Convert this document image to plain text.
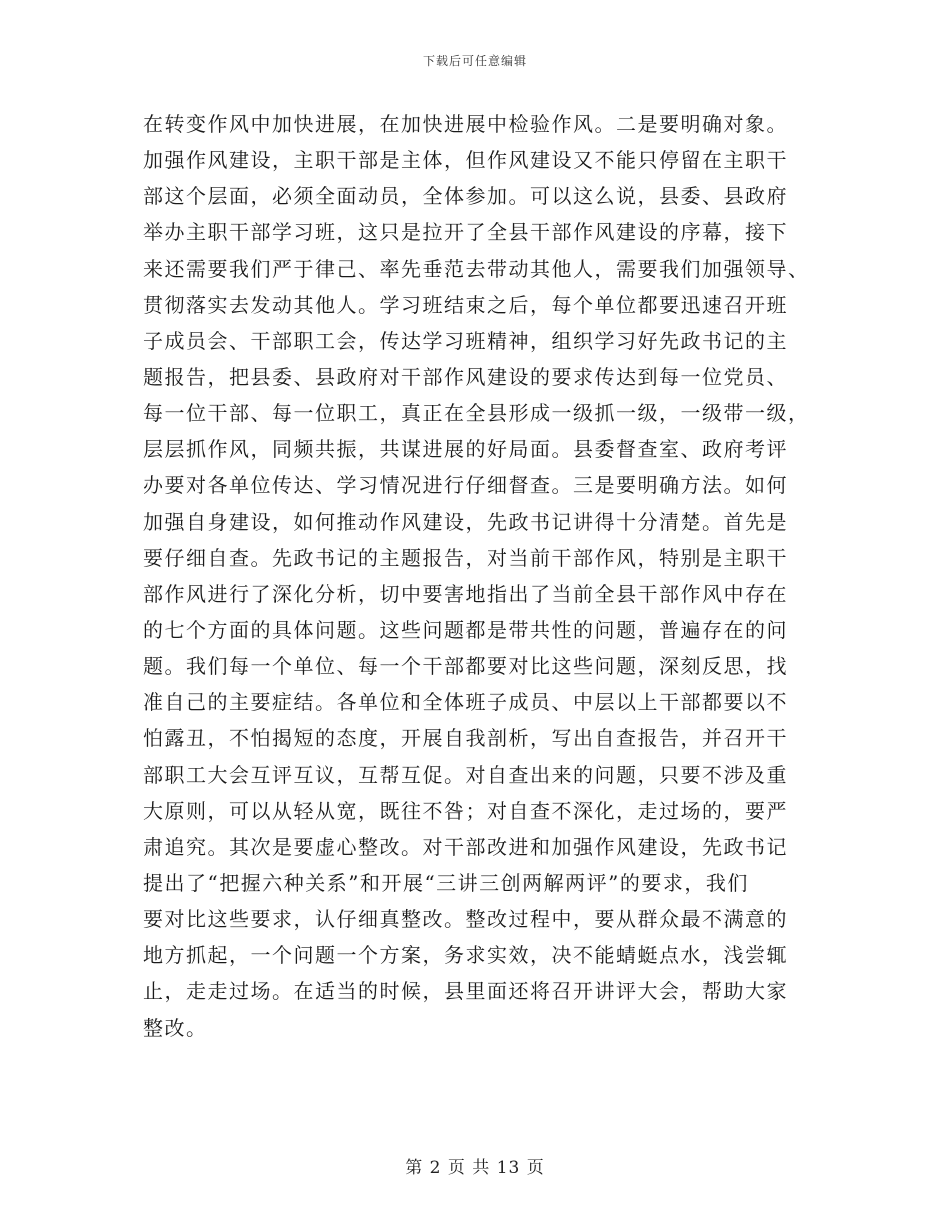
下载后可任意编辑
在转变作风中加快进展，在加快进展中检验作风。二是要明确对象。
加强作风建设，主职干部是主体，但作风建设又不能只停留在主职干
部这个层面，必须全面动员，全体参加。可以这么说，县委、县政府
举办主职干部学习班，这只是拉开了全县干部作风建设的序幕，接下
来还需要我们严于律己、率先垂范去带动其他人，需要我们加强领导、
贯彻落实去发动其他人。学习班结束之后，每个单位都要迅速召开班
子成员会、干部职工会，传达学习班精神，组织学习好先政书记的主
题报告，把县委、县政府对干部作风建设的要求传达到每一位党员、
每一位干部、每一位职工，真正在全县形成一级抓一级，一级带一级，
层层抓作风，同频共振，共谋进展的好局面。县委督查室、政府考评
办要对各单位传达、学习情况进行仔细督查。三是要明确方法。如何
加强自身建设，如何推动作风建设，先政书记讲得十分清楚。首先是
要仔细自查。先政书记的主题报告，对当前干部作风，特别是主职干
部作风进行了深化分析，切中要害地指出了当前全县干部作风中存在
的七个方面的具体问题。这些问题都是带共性的问题，普遍存在的问
题。我们每一个单位、每一个干部都要对比这些问题，深刻反思，找
准自己的主要症结。各单位和全体班子成员、中层以上干部都要以不
怕露丑，不怕揭短的态度，开展自我剖析，写出自查报告，并召开干
部职工大会互评互议，互帮互促。对自查出来的问题，只要不涉及重
大原则，可以从轻从宽，既往不咎；对自查不深化，走过场的，要严
肃追究。其次是要虚心整改。对干部改进和加强作风建设，先政书记
提出了“把握六种关系”和开展“三讲三创两解两评”的要求，我们
要对比这些要求，认仔细真整改。整改过程中，要从群众最不满意的
地方抓起，一个问题一个方案，务求实效，决不能蜻蜓点水，浅尝辄
止，走走过场。在适当的时候，县里面还将召开讲评大会，帮助大家
整改。
第 2 页 共 13 页
